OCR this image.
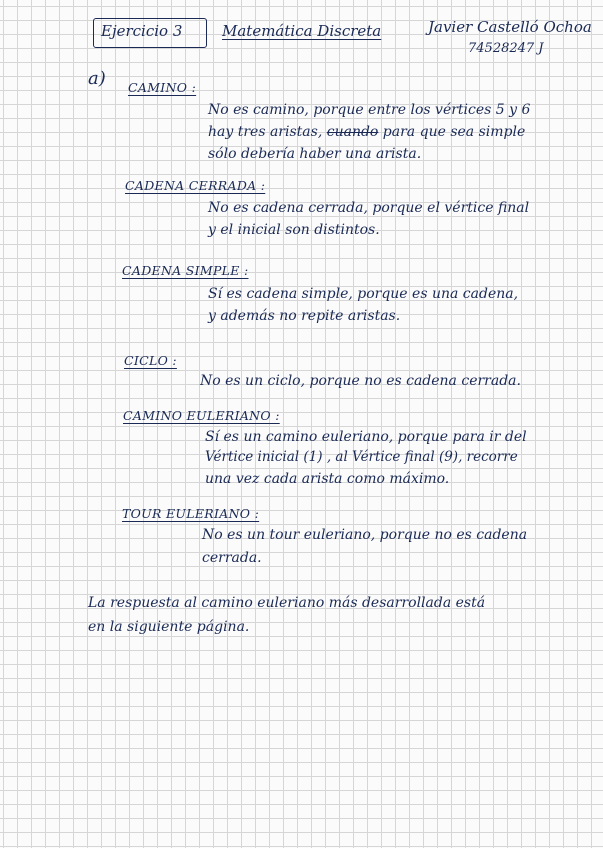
Ejercicio 3	Matemática Discreta	Javier Castelló Ochoa
74528247 J
a) CAMINO :
No es camino, porque entre los vértices 5 y 6
hay tres aristas, cuando para que sea simple
sólo debería haber una arista.
CADENA CERRADA :
No es cadena cerrada, porque el vértice final
y el inicial son distintos.
CADENA SIMPLE :
Sí es cadena simple, porque es una cadena,
y además no repite aristas.
CICLO :
No es un ciclo, porque no es cadena cerrada.
CAMINO EULERIANO :
Sí es un camino euleriano, porque para ir del
Vértice inicial (1) , al Vértice final (9), recorre
una vez cada arista como máximo.
TOUR EULERIANO :
No es un tour euleriano, porque no es cadena
cerrada.
La respuesta al camino euleriano más desarrollada está
en la siguiente página.
